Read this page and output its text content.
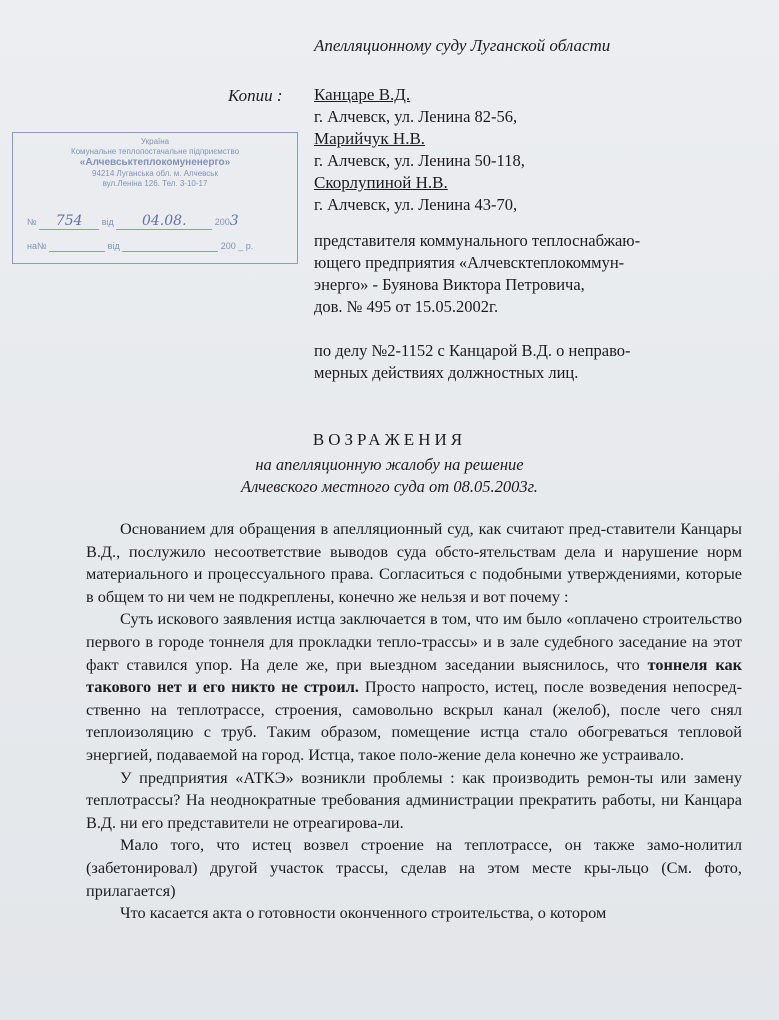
Апелляционному суду Луганской области
Копии : Канцаре В.Д.
г. Алчевск, ул. Ленина 82-56,
Марийчук Н.В.
г. Алчевск, ул. Ленина 50-118,
Скорлупиной Н.В.
г. Алчевск, ул. Ленина 43-70,
Україна
Комунальне теплопостачальне підприємство
«Алчевськтеплокомуненерго»
94214 Луганська обл. м. Алчевськ
вул.Леніна 126. Тел. 3-10-17
№ 754 від 04.08.	2003
на№	від	200 _ р.	представителя коммунального теплоснабжаю-
ющего предприятия «Алчевсктеплокоммун-
энерго» - Буянова Виктора Петровича,
дов. № 495 от 15.05.2002г.
по делу №2-1152 с Канцарой В.Д. о неправо-
мерных действиях должностных лиц.
ВОЗРАЖЕНИЯ
на апелляционную жалобу на решение
Алчевского местного суда от 08.05.2003г.

Основанием для обращения в апелляционный суд, как считают пред-ставители Канцары В.Д., послужило несоответствие выводов суда обсто-ятельствам дела и нарушение норм материального и процессуального права. Согласиться с подобными утверждениями, которые в общем то ни чем не подкреплены, конечно же нельзя и вот почему :

Суть искового заявления истца заключается в том, что им было «оплачено строительство первого в городе тоннеля для прокладки тепло-трассы» и в зале судебного заседание на этот факт ставился упор. На деле же, при выездном заседании выяснилось, что тоннеля как такового нет и его никто не строил. Просто напросто, истец, после возведения непосред-ственно на теплотрассе, строения, самовольно вскрыл канал (желоб), после чего снял теплоизоляцию с труб. Таким образом, помещение истца стало обогреваться тепловой энергией, подаваемой на город. Истца, такое поло-жение дела конечно же устраивало.

У предприятия «АТКЭ» возникли проблемы : как производить ремон-ты или замену теплотрассы? На неоднократные требования администрации прекратить работы, ни Канцара В.Д. ни его представители не отреагирова-ли.

Мало того, что истец возвел строение на теплотрассе, он также замо-нолитил (забетонировал) другой участок трассы, сделав на этом месте кры-льцо (См. фото, прилагается)

Что касается акта о готовности оконченного строительства, о котором
